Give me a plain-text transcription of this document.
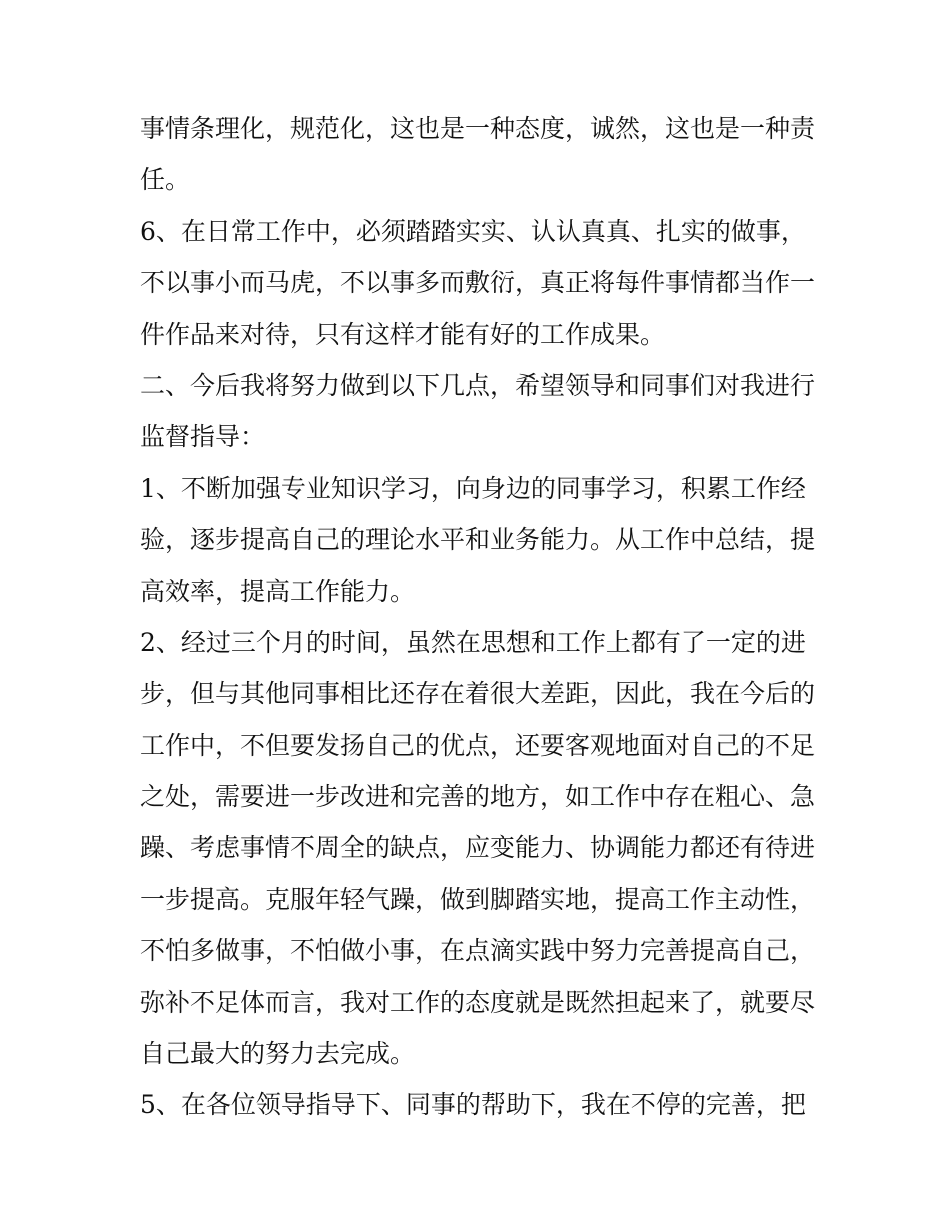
事情条理化，规范化，这也是一种态度，诚然，这也是一种责
任。
6、在日常工作中，必须踏踏实实、认认真真、扎实的做事，
不以事小而马虎，不以事多而敷衍，真正将每件事情都当作一
件作品来对待，只有这样才能有好的工作成果。
二、今后我将努力做到以下几点，希望领导和同事们对我进行
监督指导：
1、不断加强专业知识学习，向身边的同事学习，积累工作经
验，逐步提高自己的理论水平和业务能力。从工作中总结，提
高效率，提高工作能力。
2、经过三个月的时间，虽然在思想和工作上都有了一定的进
步，但与其他同事相比还存在着很大差距，因此，我在今后的
工作中，不但要发扬自己的优点，还要客观地面对自己的不足
之处，需要进一步改进和完善的地方，如工作中存在粗心、急
躁、考虑事情不周全的缺点，应变能力、协调能力都还有待进
一步提高。克服年轻气躁，做到脚踏实地，提高工作主动性，
不怕多做事，不怕做小事，在点滴实践中努力完善提高自己，
弥补不足体而言，我对工作的态度就是既然担起来了，就要尽
自己最大的努力去完成。
5、在各位领导指导下、同事的帮助下，我在不停的完善，把
